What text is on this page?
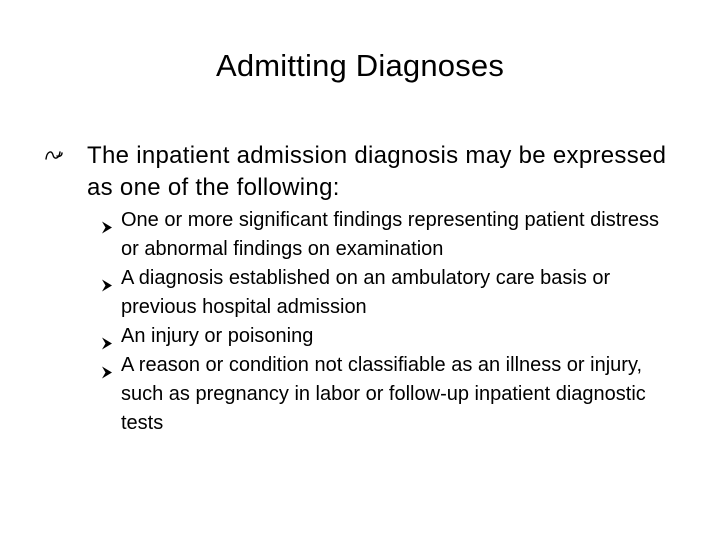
Admitting Diagnoses
The inpatient admission diagnosis may be expressed as one of the following:
One or more significant findings representing patient distress or abnormal findings on examination
A diagnosis established on an ambulatory care basis or previous hospital admission
An injury or poisoning
A reason or condition not classifiable as an illness or injury, such as pregnancy in labor or follow-up inpatient diagnostic tests
